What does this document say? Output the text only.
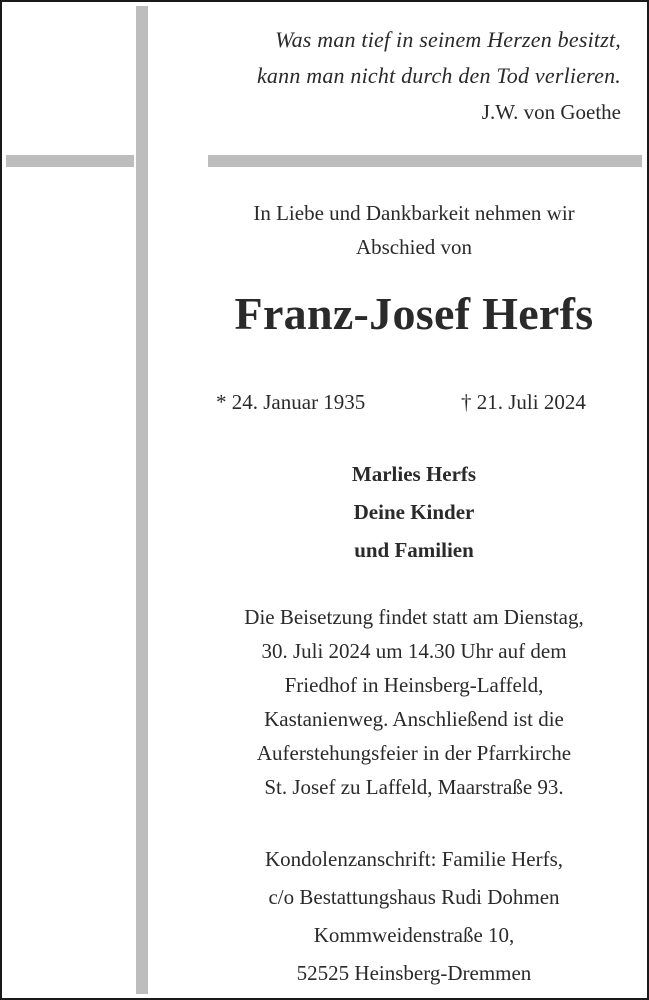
Was man tief in seinem Herzen besitzt,
kann man nicht durch den Tod verlieren.
J.W. von Goethe
In Liebe und Dankbarkeit nehmen wir
Abschied von
Franz-Josef Herfs
* 24. Januar 1935	† 21. Juli 2024
Marlies Herfs
Deine Kinder
und Familien
Die Beisetzung findet statt am Dienstag,
30. Juli 2024 um 14.30 Uhr auf dem
Friedhof in Heinsberg-Laffeld,
Kastanienweg. Anschließend ist die
Auferstehungsfeier in der Pfarrkirche
St. Josef zu Laffeld, Maarstraße 93.
Kondolenzanschrift: Familie Herfs,
c/o Bestattungshaus Rudi Dohmen
Kommweidenstraße 10,
52525 Heinsberg-Dremmen
